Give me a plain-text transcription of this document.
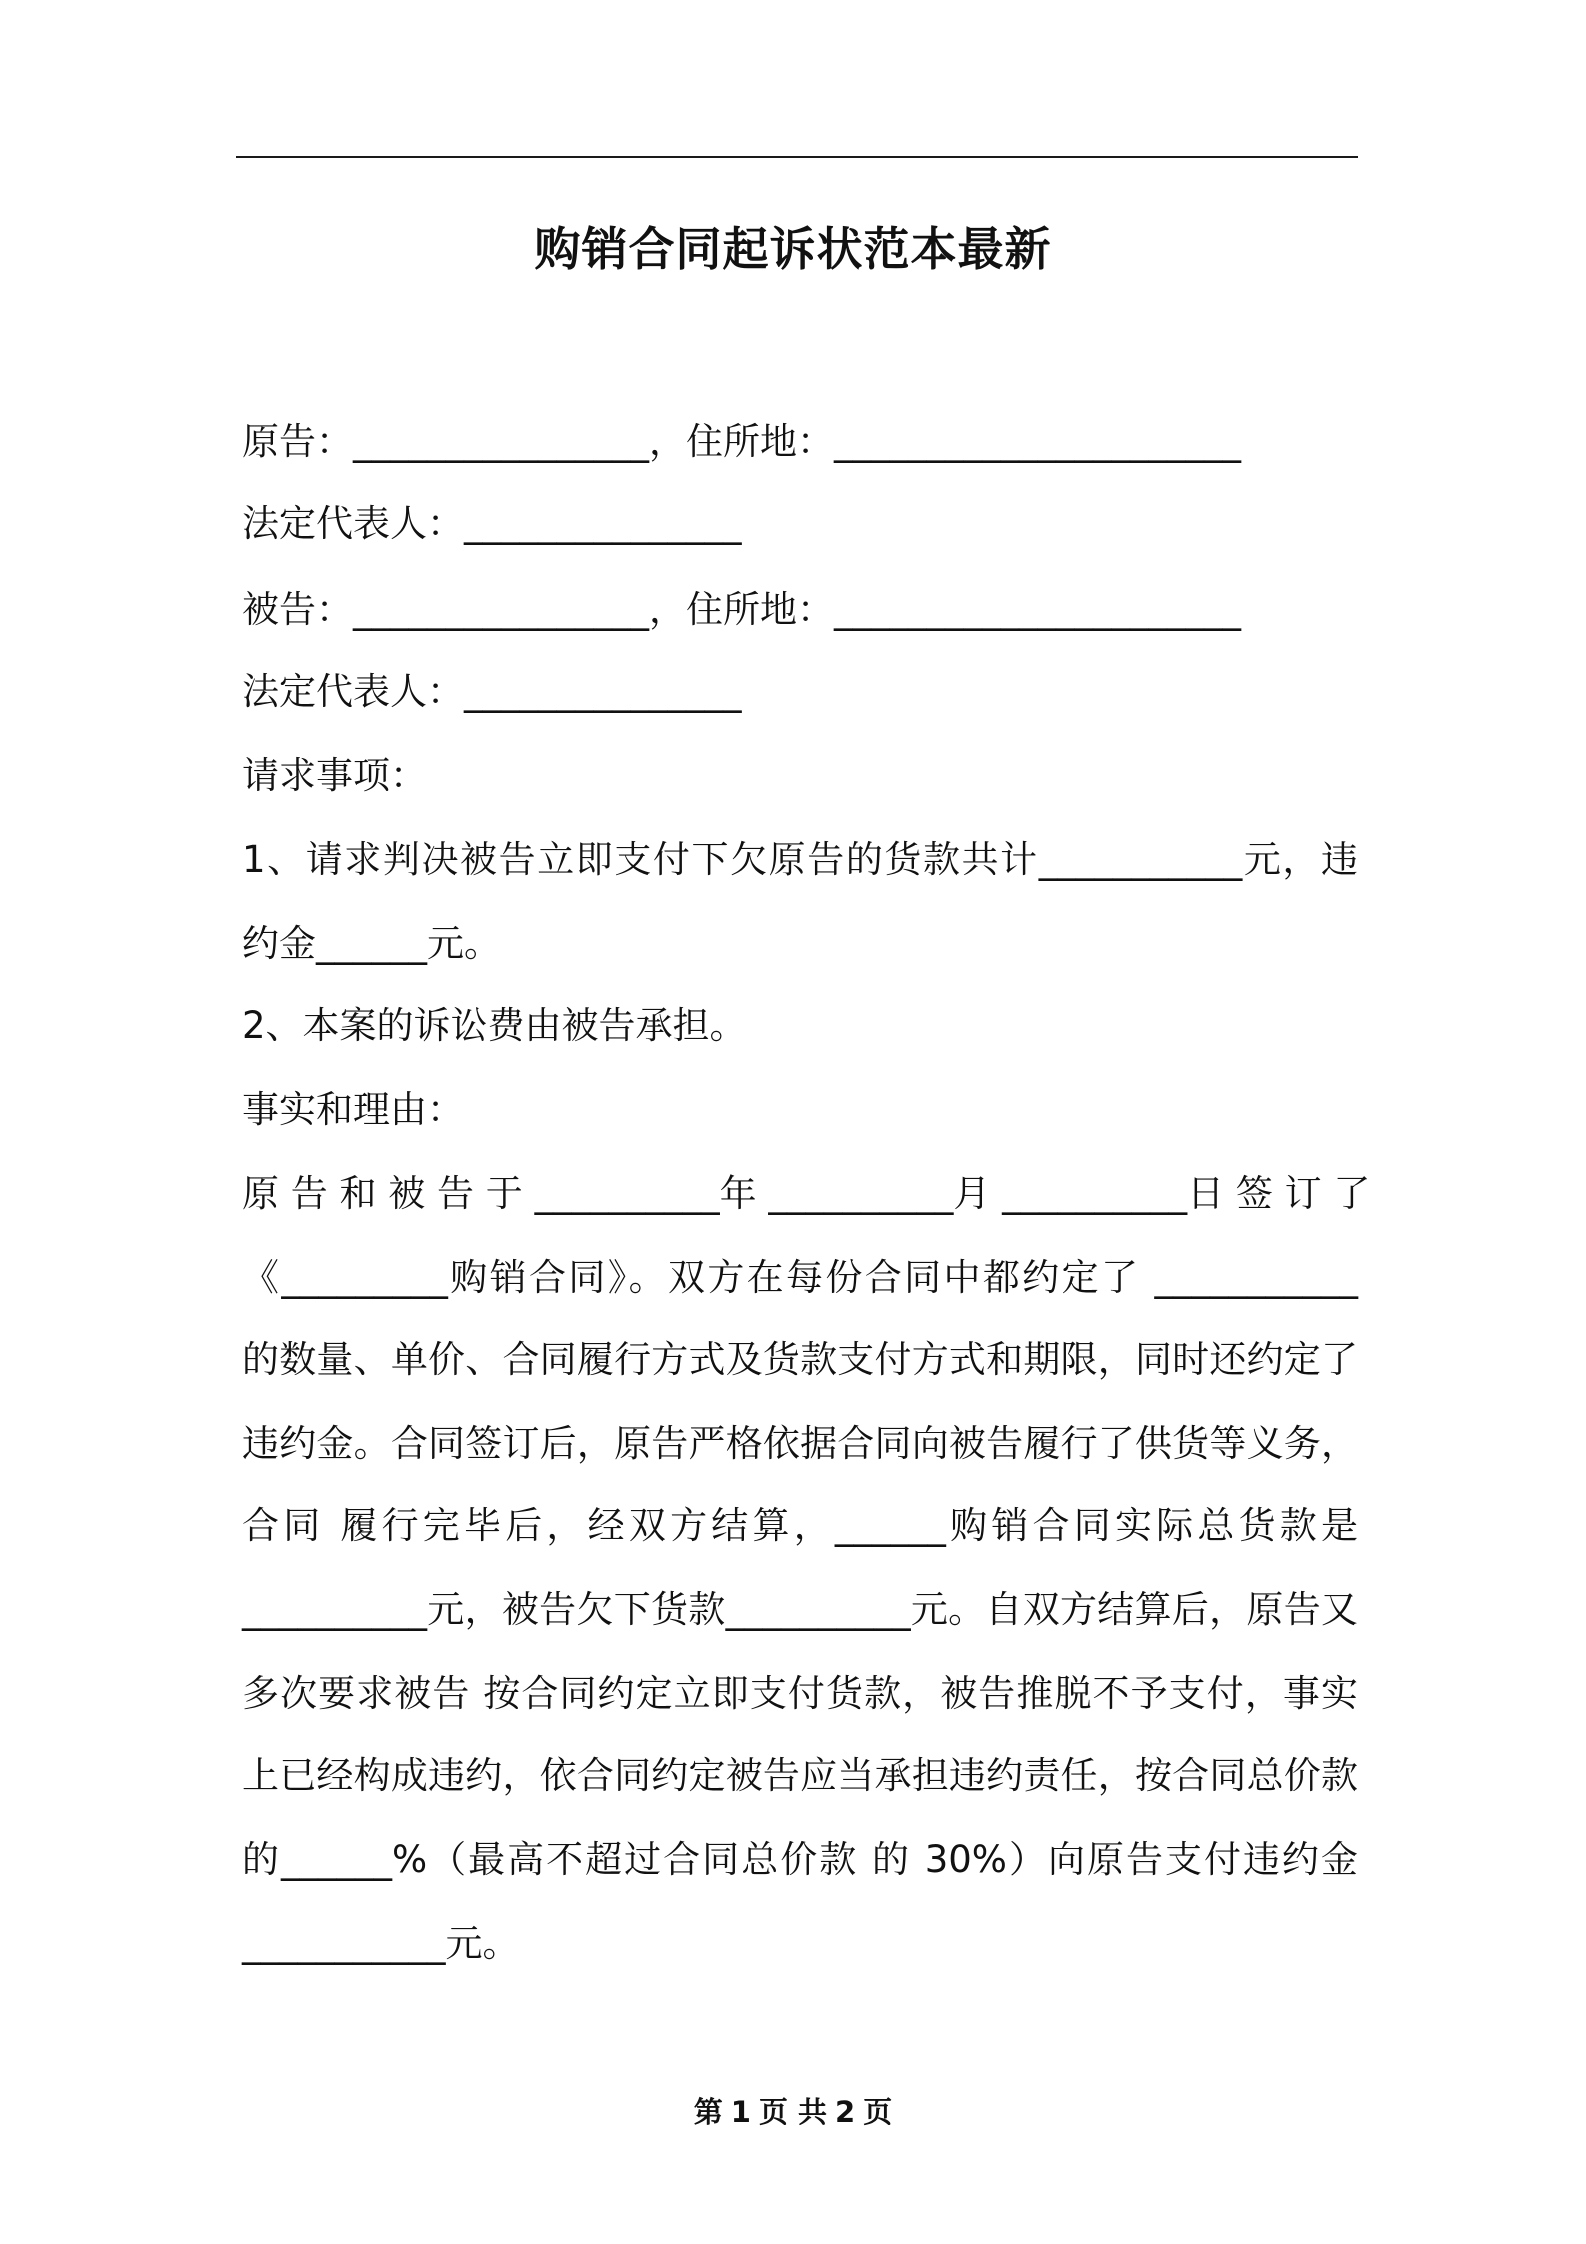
购销合同起诉状范本最新
原告：________________，住所地：______________________
法定代表人：_______________
被告：________________，住所地：______________________
法定代表人：_______________
请求事项：
1、请求判决被告立即支付下欠原告的货款共计___________元，违
约金______元。
2、本案的诉讼费由被告承担。
事实和理由：
原 告 和 被 告 于 __________年 __________月 __________日 签 订 了
《_________购销合同》。双方在每份合同中都约定了 ___________
的数量、单价、合同履行方式及货款支付方式和期限，同时还约定了
违约金。合同签订后，原告严格依据合同向被告履行了供货等义务，
合同 履行完毕后，经双方结算，______购销合同实际总货款是
__________元，被告欠下货款__________元。自双方结算后，原告又
多次要求被告 按合同约定立即支付货款，被告推脱不予支付，事实
上已经构成违约，依合同约定被告应当承担违约责任，按合同总价款
的______%（最高不超过合同总价款 的 30%）向原告支付违约金
___________元。
第 1 页 共 2 页
